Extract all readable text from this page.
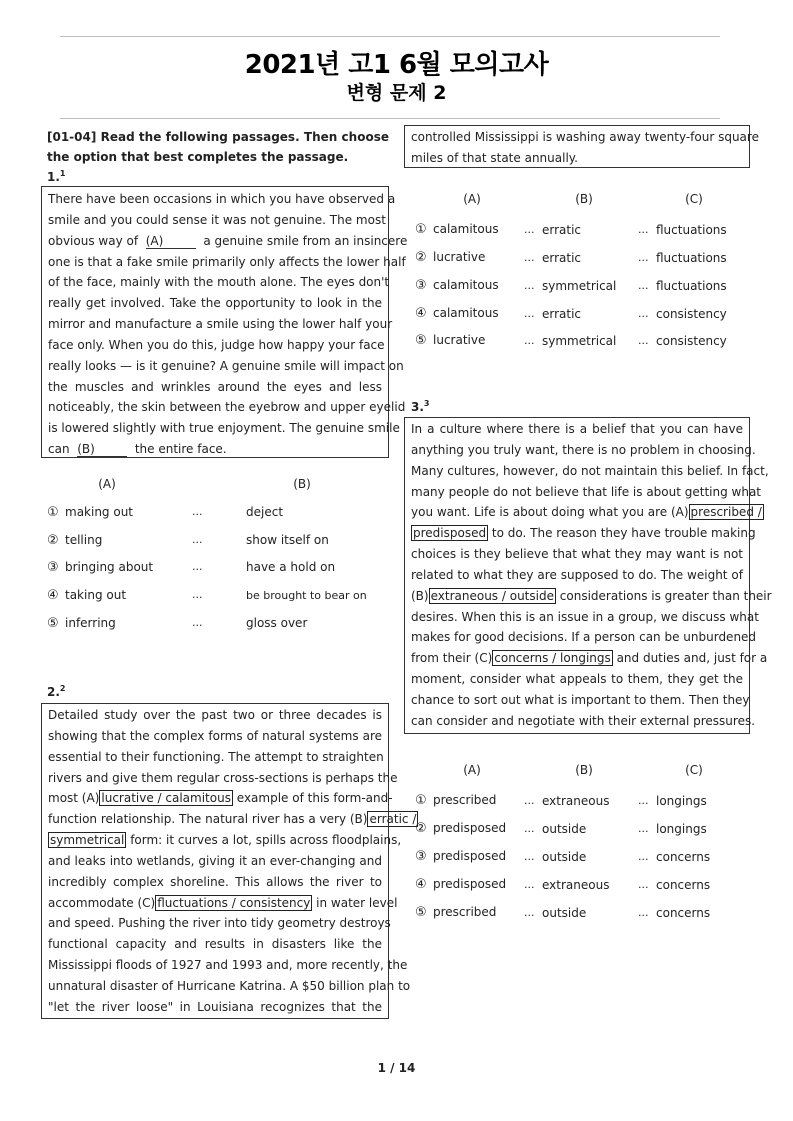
2021년 고1 6월 모의고사
변형 문제 2
[01-04] Read the following passages. Then choose the option that best completes the passage.
1.$^1$
There have been occasions in which you have observed a
smile and you could sense it was not genuine. The most
obvious way of (A)	a genuine smile from an insincere
one is that a fake smile primarily only affects the lower half
of the face, mainly with the mouth alone. The eyes don't
really get involved. Take the opportunity to look in the
mirror and manufacture a smile using the lower half your
face only. When you do this, judge how happy your face
really looks — is it genuine? A genuine smile will impact on
the muscles and wrinkles around the eyes and less
noticeably, the skin between the eyebrow and upper eyelid
is lowered slightly with true enjoyment. The genuine smile
can (B)	the entire face.
(A)	(B)
① making out	...	deject
② telling	...	show itself on
③ bringing about	...	have a hold on
④ taking out	...	be brought to bear on
⑤ inferring	...	gloss over
2.$^2$
Detailed study over the past two or three decades is
showing that the complex forms of natural systems are
essential to their functioning. The attempt to straighten
rivers and give them regular cross-sections is perhaps the
most (A) lucrative / calamitous example of this form-and-
function relationship. The natural river has a very (B) erratic /
symmetrical form: it curves a lot, spills across floodplains,
and leaks into wetlands, giving it an ever-changing and
incredibly complex shoreline. This allows the river to
accommodate (C) fluctuations / consistency in water level
and speed. Pushing the river into tidy geometry destroys
functional capacity and results in disasters like the
Mississippi floods of 1927 and 1993 and, more recently, the
unnatural disaster of Hurricane Katrina. A $50 billion plan to
"let the river loose" in Louisiana recognizes that the
controlled Mississippi is washing away twenty-four square
miles of that state annually.
(A)	(B)	(C)
① calamitous ... erratic	... fluctuations
② lucrative	... erratic	... fluctuations
③ calamitous ... symmetrical ... fluctuations
④ calamitous ... erratic	... consistency
⑤ lucrative	... symmetrical ... consistency
3.$^3$
In a culture where there is a belief that you can have
anything you truly want, there is no problem in choosing.
Many cultures, however, do not maintain this belief. In fact,
many people do not believe that life is about getting what
you want. Life is about doing what you are (A) prescribed /
predisposed to do. The reason they have trouble making
choices is they believe that what they may want is not
related to what they are supposed to do. The weight of
(B) extraneous / outside considerations is greater than their
desires. When this is an issue in a group, we discuss what
makes for good decisions. If a person can be unburdened
from their (C) concerns / longings and duties and, just for a
moment, consider what appeals to them, they get the
chance to sort out what is important to them. Then they
can consider and negotiate with their external pressures.
(A)	(B)	(C)
① prescribed	... extraneous	... longings
② predisposed ... outside	... longings
③ predisposed ... outside	... concerns
④ predisposed ... extraneous	... concerns
⑤ prescribed	... outside	... concerns
1 / 14
